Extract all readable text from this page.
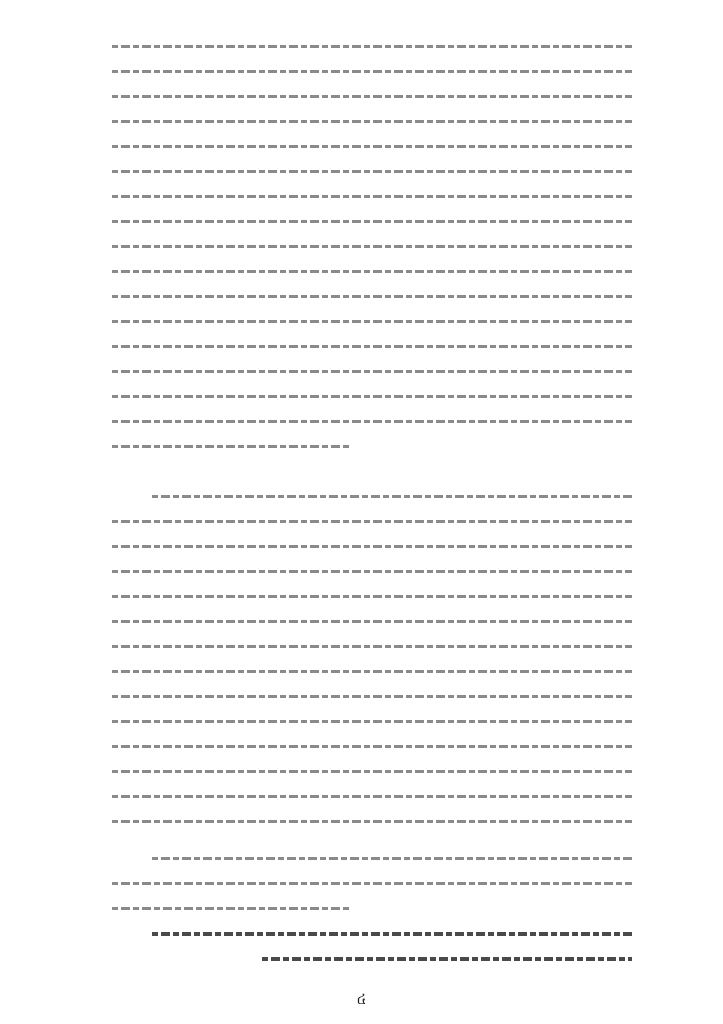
៤
